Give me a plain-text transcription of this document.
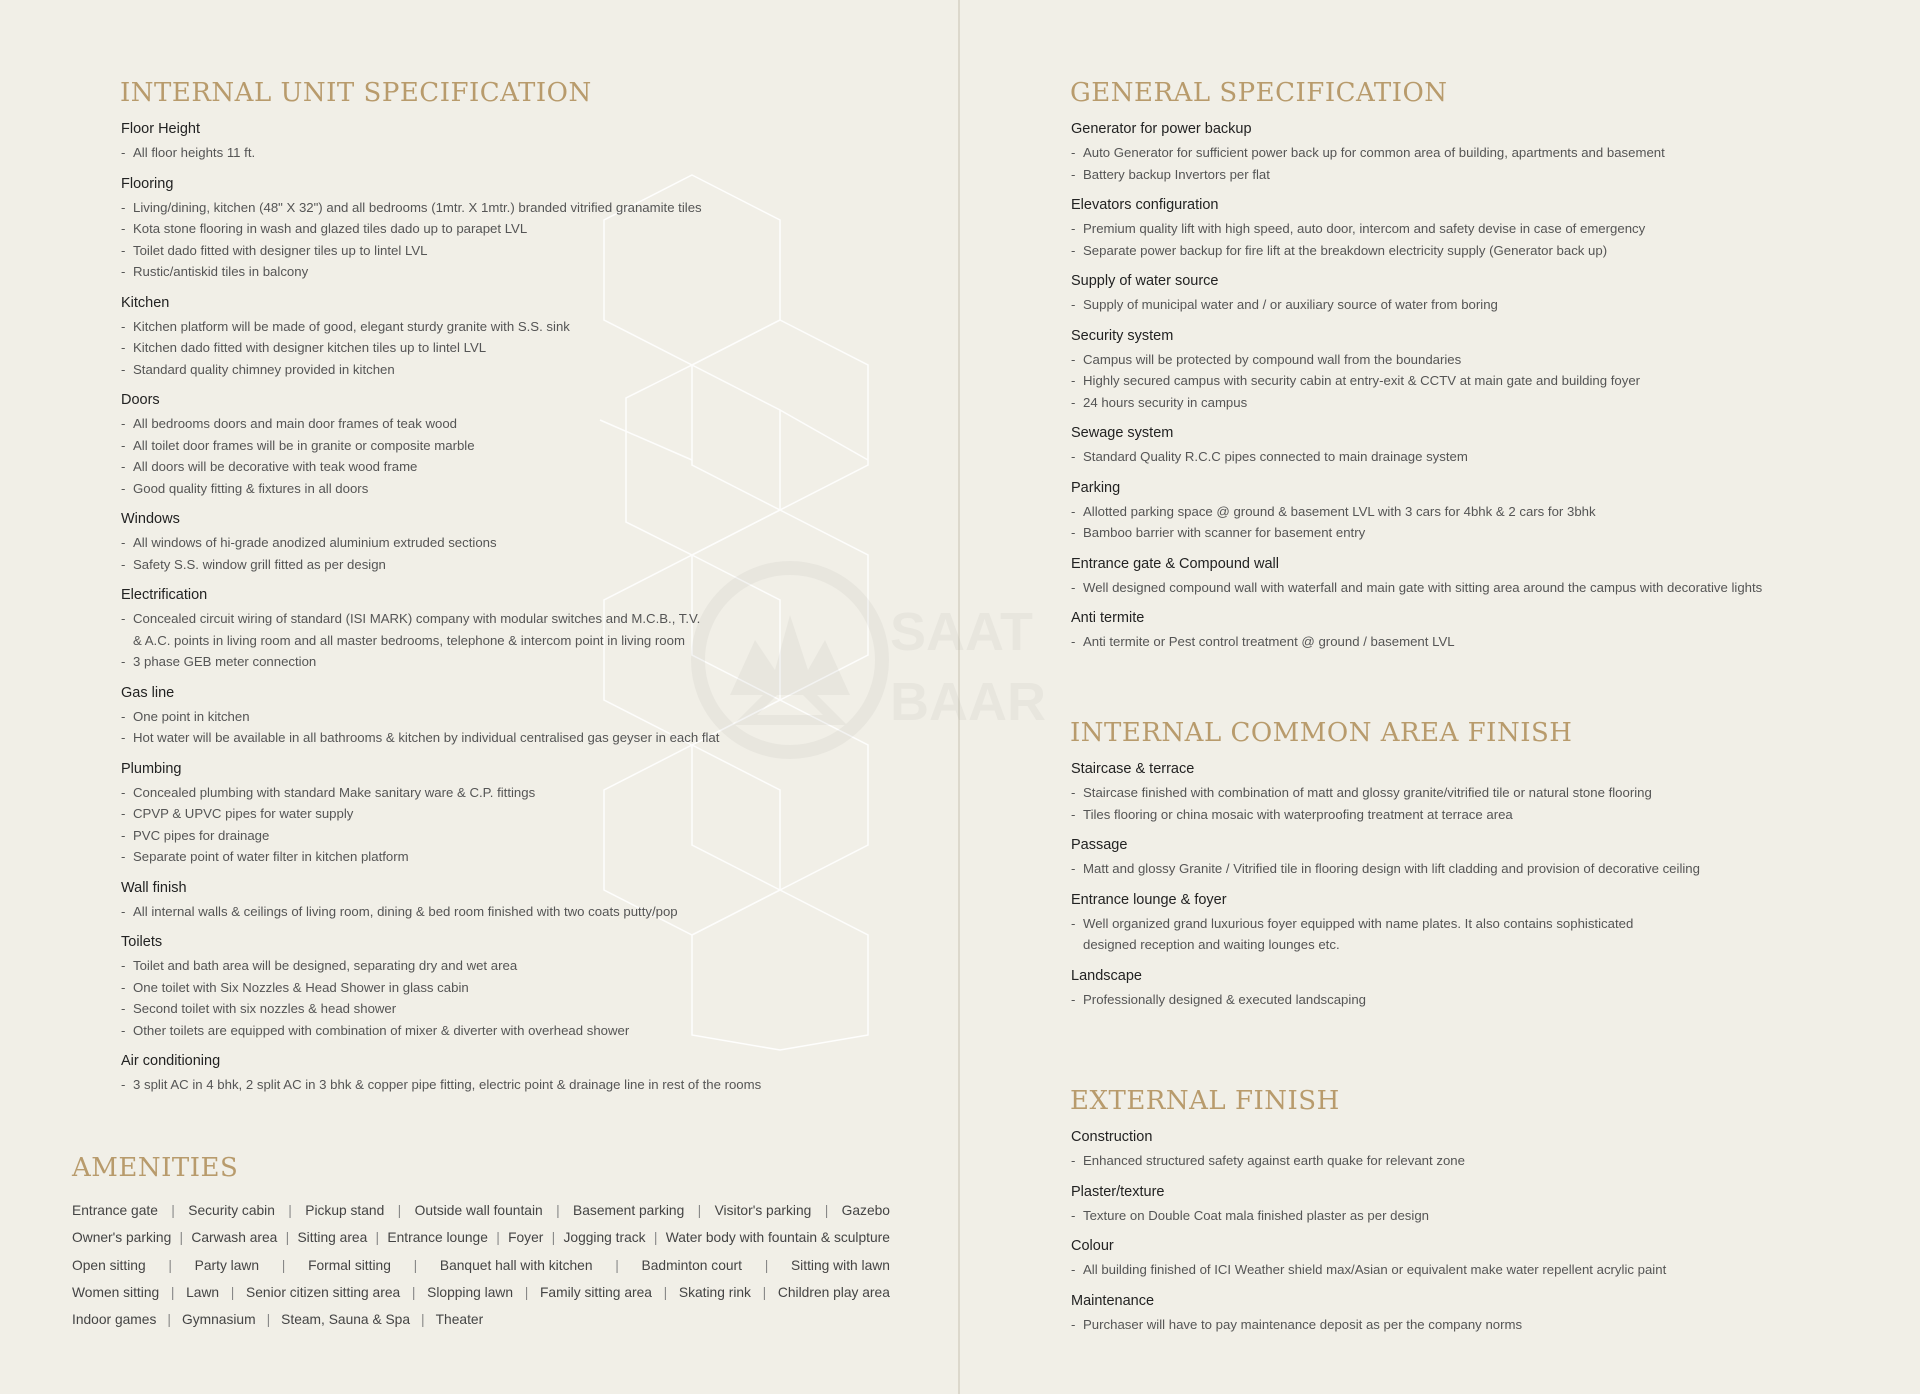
SAAT
BAAR
INTERNAL UNIT SPECIFICATION
Floor Height
- All floor heights 11 ft.
Flooring
- Living/dining, kitchen (48" X 32") and all bedrooms (1mtr. X 1mtr.) branded vitrified granamite tiles
- Kota stone flooring in wash and glazed tiles dado up to parapet LVL
- Toilet dado fitted with designer tiles up to lintel LVL
- Rustic/antiskid tiles in balcony
Kitchen
- Kitchen platform will be made of good, elegant sturdy granite with S.S. sink
- Kitchen dado fitted with designer kitchen tiles up to lintel LVL
- Standard quality chimney provided in kitchen
Doors
- All bedrooms doors and main door frames of teak wood
- All toilet door frames will be in granite or composite marble
- All doors will be decorative with teak wood frame
- Good quality fitting & fixtures in all doors
Windows
- All windows of hi-grade anodized aluminium extruded sections
- Safety S.S. window grill fitted as per design
Electrification
- Concealed circuit wiring of standard (ISI MARK) company with modular switches and M.C.B., T.V.
& A.C. points in living room and all master bedrooms, telephone & intercom point in living room
- 3 phase GEB meter connection
Gas line
- One point in kitchen
- Hot water will be available in all bathrooms & kitchen by individual centralised gas geyser in each flat
Plumbing
- Concealed plumbing with standard Make sanitary ware & C.P. fittings
- CPVP & UPVC pipes for water supply
- PVC pipes for drainage
- Separate point of water filter in kitchen platform
Wall finish
- All internal walls & ceilings of living room, dining & bed room finished with two coats putty/pop
Toilets
- Toilet and bath area will be designed, separating dry and wet area
- One toilet with Six Nozzles & Head Shower in glass cabin
- Second toilet with six nozzles & head shower
- Other toilets are equipped with combination of mixer & diverter with overhead shower
Air conditioning
- 3 split AC in 4 bhk, 2 split AC in 3 bhk & copper pipe fitting, electric point & drainage line in rest of the rooms
AMENITIES
Entrance gate | Security cabin | Pickup stand | Outside wall fountain | Basement parking | Visitor's parking | Gazebo
Owner's parking | Carwash area | Sitting area | Entrance lounge | Foyer | Jogging track | Water body with fountain & sculpture
Open sitting | Party lawn | Formal sitting | Banquet hall with kitchen | Badminton court | Sitting with lawn
Women sitting | Lawn | Senior citizen sitting area | Slopping lawn | Family sitting area | Skating rink | Children play area
Indoor games | Gymnasium | Steam, Sauna & Spa | Theater
GENERAL SPECIFICATION
Generator for power backup
- Auto Generator for sufficient power back up for common area of building, apartments and basement
- Battery backup Invertors per flat
Elevators configuration
- Premium quality lift with high speed, auto door, intercom and safety devise in case of emergency
- Separate power backup for fire lift at the breakdown electricity supply (Generator back up)
Supply of water source
- Supply of municipal water and / or auxiliary source of water from boring
Security system
- Campus will be protected by compound wall from the boundaries
- Highly secured campus with security cabin at entry-exit & CCTV at main gate and building foyer
- 24 hours security in campus
Sewage system
- Standard Quality R.C.C pipes connected to main drainage system
Parking
- Allotted parking space @ ground & basement LVL with 3 cars for 4bhk & 2 cars for 3bhk
- Bamboo barrier with scanner for basement entry
Entrance gate & Compound wall
- Well designed compound wall with waterfall and main gate with sitting area around the campus with decorative lights
Anti termite
- Anti termite or Pest control treatment @ ground / basement LVL
INTERNAL COMMON AREA FINISH
Staircase & terrace
- Staircase finished with combination of matt and glossy granite/vitrified tile or natural stone flooring
- Tiles flooring or china mosaic with waterproofing treatment at terrace area
Passage
- Matt and glossy Granite / Vitrified tile in flooring design with lift cladding and provision of decorative ceiling
Entrance lounge & foyer
- Well organized grand luxurious foyer equipped with name plates. It also contains sophisticated
designed reception and waiting lounges etc.
Landscape
- Professionally designed & executed landscaping
EXTERNAL FINISH
Construction
- Enhanced structured safety against earth quake for relevant zone
Plaster/texture
- Texture on Double Coat mala finished plaster as per design
Colour
- All building finished of ICI Weather shield max/Asian or equivalent make water repellent acrylic paint
Maintenance
- Purchaser will have to pay maintenance deposit as per the company norms
